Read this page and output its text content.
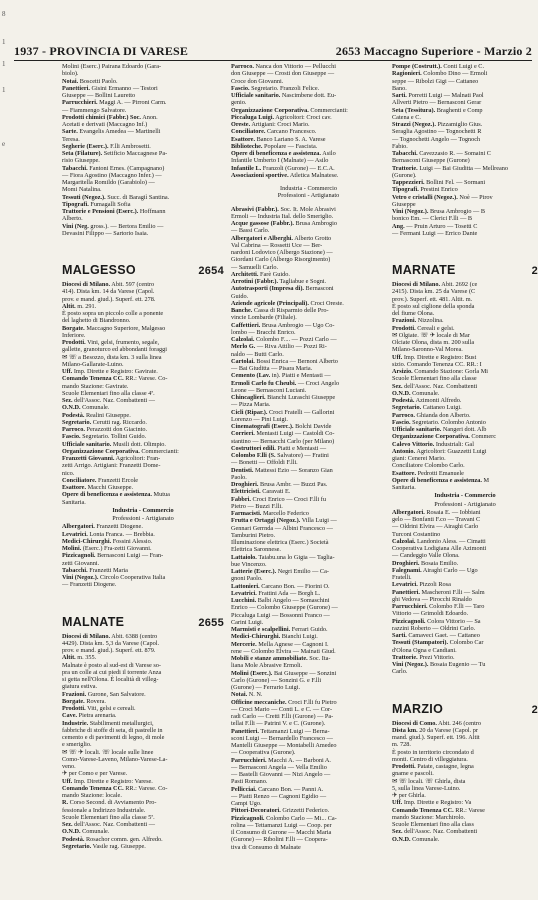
8
1
1
1
e
1937 - PROVINCIA DI VARESE	2653 Maccagno Superiore - Marzio 2

Molini (Eserc.) Pairana Edoardo (Gara-

biolo).

Notai. Boscetti Paolo.

Panettieri. Gisini Ermanno — Testori

Giuseppe — Bollini Lauretto

Parrucchieri. Maggi A. — Pirroni Carm.

— Fiammengo Salvatore.

Prodotti chimici (Fabbr.) Soc. Anon.

Acetati e derivati (Maccagno Inf.)

Sarte. Evangelis Amedea — Martinelli

Teresa.

Segherie (Eserc.). F.lli Ambrosetti.

Seta (Filature). Setificio Maccagnese Pa-

risio Giuseppe.

Tabacchi. Fantoni Ernes. (Campagnano)

— Fiora Agostino (Maccagno Infer.) —

Margaritella Romildo (Garabiolo) —

Momi Natalina.

Tessuti (Negoz.). Succ. di Baragiì Santina.

Tipografi. Fumagalli Sofia

Trattorie e Pensioni (Eserc.). Hoffmann

Alberto.

Vini (Neg. gross.). — Bertora Emilio —

Devasini Filippo — Sartorio Isaia.

MALGESSO	2654

Diocesi di Milano. Abit. 597 (centro

414). Dista km. 14 da Varese (Capol.

prov. e mand. giud.). Superf. ett. 278.

Altit. m. 291.

È posto sopra un piccolo colle a ponente

del laghetto di Biandronno.

Borgate. Maccagno Superiore, Malgesso

Inferiore.

Prodotti. Vini, gelsi, frumento, segale,

gallette, granoturco ed abbondanti foraggi

✉ ☏ a Besozzo, dista km. 3 sulla linea

Milano-Gallarate-Luino.

Uff. Imp. Dirette e Registro: Gavirate.

Comando Tenenza CC. RR.: Varese. Co-

mando Stazione: Gavirate.

Scuole Elementari fino alla classe 4ª.

Sez. dell'Assoc. Naz. Combattenti —

O.N.D. Comunale.

Podestà. Realini Giuseppe.

Segretario. Cerutti rag. Riccardo.

Parroco. Perazzotti don Giacinto.

Fascio. Segretario. Tollini Guido.

Ufficiale sanitario. Musili dott. Olimpio.

Organizzazione Corporativa. Commercianti:

Franzetti Giovanni. Agricoltori: Fran-

zetti Arrigo. Artigiani: Franzetti Dome-

nico.

Conciliatore. Franzetti Ercole

Esattore. Macchi Giuseppe.

Opere di beneficenza e assistenza. Mutua

Sanitaria.

Industria - Commercio
Professioni - Artigianato

Albergatori. Franzetti Diogene.

Levatrici. Lonta Franca. — Brebbia.

Medici-Chirurghi. Fossini Alessio.

Molini. (Eserc.) Fra-zetti Giovanni.

Pizzicagnoli. Bernasconi Luigi — Fran-

zetti Giovanni.

Tabacchi. Franzetti Maria

Vini (Negoz.). Circolo Cooperativa Italia

— Franzetti Diogene.

MALNATE	2655

Diocesi di Milano. Abit. 6388 (centro

4429). Dista km. 5,3 da Varese (Capol.

prov. e mand. giud.). Superf. ett. 879.

Altit. m. 355.

Malnate è posto al sud-est di Varese so-

pra un colle ai cui piedi il torrente Anza

si getta nell'Olona. È località di villeg-

giatura estiva.

Frazioni. Gurone, San Salvatore.

Borgate. Rovera.

Prodotti. Viti, gelsi e cereali.

Cave. Pietra arenaria.

Industrie. Stabilimenti metallurgici,

fabbriche di stoffe di seta, di pastrelle in

cemento e di pavimenti di legno, di mole

e smeriglio.

✉ ☏ ✈ locali. ☏ locale sulle linee

Como-Varese-Laveno, Milano-Varese-La-

veno.

✈ per Como e per Varese.

Uff. Imp. Dirette e Registro: Varese.

Comando Tenenza CC. RR.: Varese. Co-

mando Stazione: locale.

R. Corso Second. di Avviamento Pro-

fessionale a Indirizzo Industriale.

Scuole Elementari fino alla classe 5ª.

Sez. dell'Assoc. Naz. Combattenti —

O.N.D. Comunale.

Podestà. Rosachor comm. gen. Alfredo.

Segretario. Vasile rag. Giuseppe.

Parroco. Nanca don Vittorio — Pellucchi

don Giuseppe — Crosti don Giuseppe —

Croce don Giovanni.

Fascio. Segretario. Franzoli Felice.

Ufficiale sanitario. Nascimbene dott. Eu-

genio.

Organizzazione Corporativa. Commercianti:

Piccaluga Luigi. Agricoltori: Croci cav.

Oreste. Artigiani: Croci Mario.

Conciliatore. Carcano Francesco.

Esattore. Banco Lariano S. A. Varese

Biblioteche. Popolare — Fascista.

Opere di beneficenza e assistenza. Asilo

Infantile Umberto I (Malnate) — Asilo

Infantile L. Franzoli (Gurone) — E.C.A.

Associazioni sportive. Atletica Malnatese.

Industria - Commercio

Professioni - Artigianato

Abrasivi (Fabbr.). Soc. It. Mole Abrasivi

Ermoli — Industria Ital. dello Smeriglio.

Acque gassose (Fabbr.). Brusa Ambrogio

— Bassi Carlo.

Albergatori e Alberghi. Alberto Grotto

Val Cabrina — Rossetti Uce — Ber-

nardoni Lodovico (Albergo Stazione) —

Giordani Carlo (Albergo Risorgimento)

— Samuelli Carlo.

Architetti. Farè Guido.

Arrotini (Fabbr.). Tagliabue e Sogni.

Autotrasporti (Impresa di). Bernasconi

Guido.

Aziende agricole (Principali). Croci Oreste.

Banche. Cassa di Risparmio delle Pro-

vincie Lombarde (Filiale).

Caffettieri. Brusa Ambrogio — Ugo Co-

lombo — Bracchi Enrico.

Calzolai. Colombo F.... — Pozzi Carlo —

Merlo G. — Riva Attilio — Pozzi Ri-

naldo — Butti Carlo.

Cartolai. Bossi Enrica — Bernoni Alberto

— Bai Giuditta — Pisara Maria.

Cemento (Lav. in). Piatti e Mentasti —

Ermoli Carlo fu Cheubi. — Croci Angelo

Leone — Bernasconi Luciani.

Chincaglieri. Bianchi Luraschi Giuseppe

— Pizza Maria.

Cicli (Ripar.). Croci Fratelli — Gallorini

Lorenzo — Pini Luigi.

Cinematografi (Eserc.). Bolchi Davide

Corrieri. Mentasti Luigi — Castoldi Co-

stantino — Bernacchi Carlo (per Milano)

Costruttori edili. Piatti e Mentasti —

Colombo F.lli (S. Salvatore) — Fratini

— Bonetti — Offoldi F.lli.

Dentisti. Mattessi Ezio — Soranzo Gian

Paolo.

Droghieri. Brusa Ambr. — Buzzi Pas.

Elettricisti. Caravati E.

Fabbri. Croci Enrico — Croci F.lli fu

Pietro — Buzzi F.lli.

Farmacisti. Marcello Federico

Frutta e Ortaggi (Negoz.). Villa Luigi —

Gennari Gerrnda — Albini Francesco —

Tamburini Pietro.

Illuminazione elettrica (Eserc.) Società

Elettrica Saronnese.

Lattaiolo. Taiabu.una lo Gigia — Taglia-

bue Vincenzo.

Latterie (Eserc.). Negri Emilio — Ca-

gnoni Paolo.

Lattonieri. Carcano Bon. — Fiorini O.

Levatrici. Frattini Ada — Borgh L.

Lucchini. Balbi Angelo — Somaschini

Enrico — Colombo Giuseppe (Gurone) —

Piccaluga Luigi — Bossonni Franco —

Carini Luigi.

Marmisti e scalpellini. Ferrari Guido.

Medici-Chirurghi. Bianchi Luigi.

Mercerie. Mella Agnese — Cagnoni I.

rene — Colombo Elvira — Mainati Giud.

Mobili e stanze ammobiliate. Soc. Ita-

liana Mole Abrasive Ermoli.

Molini (Eserc.). Bai Giuseppe — Sonzini

Carlo (Gurone) — Sonzini G. e F.lli

(Gurone) — Ferrario Luigi.

Notai. N. N.

Officine meccaniche. Croci F.lli fu Pietro

— Croci Mario — Conti L. e C. — Cor-

radi Carlo — Cretti F.lli (Gurone) — Pa-

tellai F.lli — Patrini V. e C. (Gurone).

Panettieri. Tettamanzi Luigi — Berna-

sconi Luigi — Bernardello Francesco —

Mantelli Giuseppe — Montabelli Amedeo

— Cooperativa (Gurone).

Parrucchieri. Macchi A. — Barboni A.

— Bernasconi Angela — Vella Emilio

— Bastelli Giovanni — Nizi Angelo —

Pasti Romano.

Pellicciai. Carcano Bon. — Panni A.

— Piatti Renzo — Cagnoni Egidio —

Campi Ugo.

Pittori-Decoratori. Grizzetti Federico.

Pizzicagnoli. Colombo Carlo — Mi... Ca-

rolina — Tettamanzi Luigi — Coop. per

il Consumo di Gurone — Macchi Maria

(Gurone) — Ribolini F.lli — Coopera-

tiva di Consumo di Malnate

Pompe (Costrutt.). Conti Luigi e C.

Ragionieri. Colombo Dino — Ermoli

seppe — Ribolzi Gigi — Cattaneo

Bano.

Sarti. Porretti Luigi — Malnati Paol

Allverti Pietro — Bernasconi Gerar

Seta (Tessitura). Braghenti e Comp

Catena e C.

Strazzi (Negoz.). Pizzamiglio Gius.

Seraglia Agostino — Tognochetti R

— Tognochetti Angelo — Tognoch

Fabio.

Tabacchi. Cavezzasio R. — Somaini C

Bernasconi Giuseppe (Gurone)

Trattorie. Luigi — Bai Giuditta — Mellreano

(Gurone).

Tappezzieri. Bollini Fel. — Sormani

Tipografi. Prestini Enrico

Vetro e cristalli (Negoz.). Noè — Pirov

Giuseppe

Vini (Negoz.). Brusa Ambrogio — B

bonico Em. — Clerici F.lli — B

Ang. — Pruin Arturo — Tosetti C

— Fermani Luigi — Errico Dante

MARNATE	2

Diocesi di Milano. Abit. 2692 (ce

2415). Dista km. 25 da Varese (C

prov.). Superf. ett. 481. Altit. m.

È posto sul ciglione della sponda

del fiume Olona.

Frazioni. Nizzolina.

Prodotti. Cereali e gelsi.

✉ Olgiate. ☏ ✈ locale di Mar

Olciate Olona, dista m. 200 sulla

Milano-Saronno-Val Morea.

Uff. Imp. Dirette e Registro: Bust

sizio. Comando Tenenza CC. RR.: I

Arsizio. Comando Stazione: Gorla Mi

Scuole Elementari fino alla classe

Sez. dell'Assoc. Naz. Combattenti

O.N.D. Comunale.

Podestà. Azimonti Alfredo.

Segretario. Cattaneo Luigi.

Parroco. Ghianda don Alberto.

Fascio. Segretario. Colombo Antonio

Ufficiale sanitario. Nangeri dott. Alb

Organizzazione Corporativa. Commerc

Calevo Vittorio. Industriali: Gal

Antonio. Agricoltori: Guazzetti Luigi

giani: Cenerei Mario.

Conciliatore Colombo Carlo.

Esattore. Pedrotti Emanuele

Opere di beneficenza e assistenza. M

Sanitaria.

Industria - Commercio
Professioni - Artigianato

Albergatori. Rosaia E. — Iobbiani

gelo — Bonfanti F.co — Travani C

— Oldrini Elvira — Airaghi Carlo

Turconi Costantino

Calzolai. Landonio Aless. — Cimatti

Cooperativa Lodigiana Alle Azimonti

— Candeggio Valle Olona.

Droghieri. Bosaia Emilio.

Falegnami. Airaghi Carlo — Ugo

Fratelli.

Levatrici. Pizzoli Rosa

Panettieri. Mascheroni F.lli — Salm

ghi Vedova — Pirocchi Rinaldo

Parrucchieri. Colombo F.lli — Taro

Vittorio — Grimoldi Edoardo.

Pizzicagnoli. Colora Vittorio — Sa

razzini Roberto — Oldrini Carlo.

Sarti. Camaveci Gaet. — Cattaneo

Tessuti (Stampatori). Colombo Car

d'Olona Ogna e Candiani.

Trattorie. Prezi Vittorio.

Vini (Negoz.). Bosaia Eugenio — Tu

Carlo.

MARZIO	2

Diocesi di Como. Abit. 246 (centro

Dista km. 20 da Varese (Capol. pr

mand. giud.). Superf. ett. 196. Altit

m. 728.

È posto in territorio circondato d

monti. Centro di villeggiatura.

Prodotti. Patate, castagne, legna

gname e pascoli.

✉ ☏ locali. ☏ Ghirla, dista

5, sulla linea Varese-Luino.

✈ per Ghirla.

Uff. Imp. Dirette e Registro: Va

Comando Tenenza CC. RR.: Varese

mando Stazione: Marchirolo.

Scuole Elementari fino alla class

Sez. dell'Assoc. Naz. Combattenti

O.N.D. Comunale.
